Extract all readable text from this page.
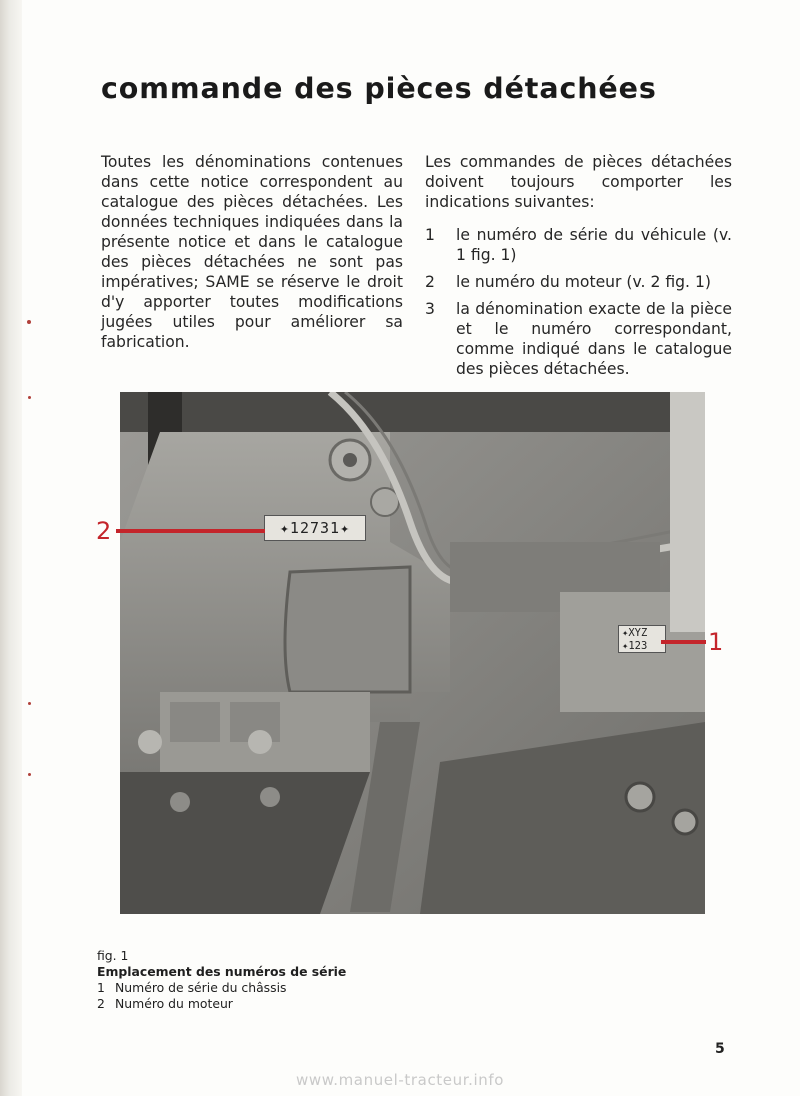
commande des pièces détachées

Toutes les dénominations contenues dans cette notice correspondent au catalogue des pièces détachées. Les données techniques indiquées dans la présente notice et dans le catalogue des pièces détachées ne sont pas impératives; SAME se réserve le droit d'y apporter toutes modifications jugées utiles pour améliorer sa fabrication.

Les commandes de pièces détachées doivent toujours comporter les indications suivantes:

1 le numéro de série du véhicule (v. 1 fig. 1)
2 le numéro du moteur (v. 2 fig. 1)
3 la dénomination exacte de la pièce et le numéro correspondant, comme indiqué dans le catalogue des pièces détachées.
✦12731✦
✦XYZ
✦123
2
1
fig. 1
Emplacement des numéros de série
1 Numéro de série du châssis
2 Numéro du moteur
5
www.manuel-tracteur.info
